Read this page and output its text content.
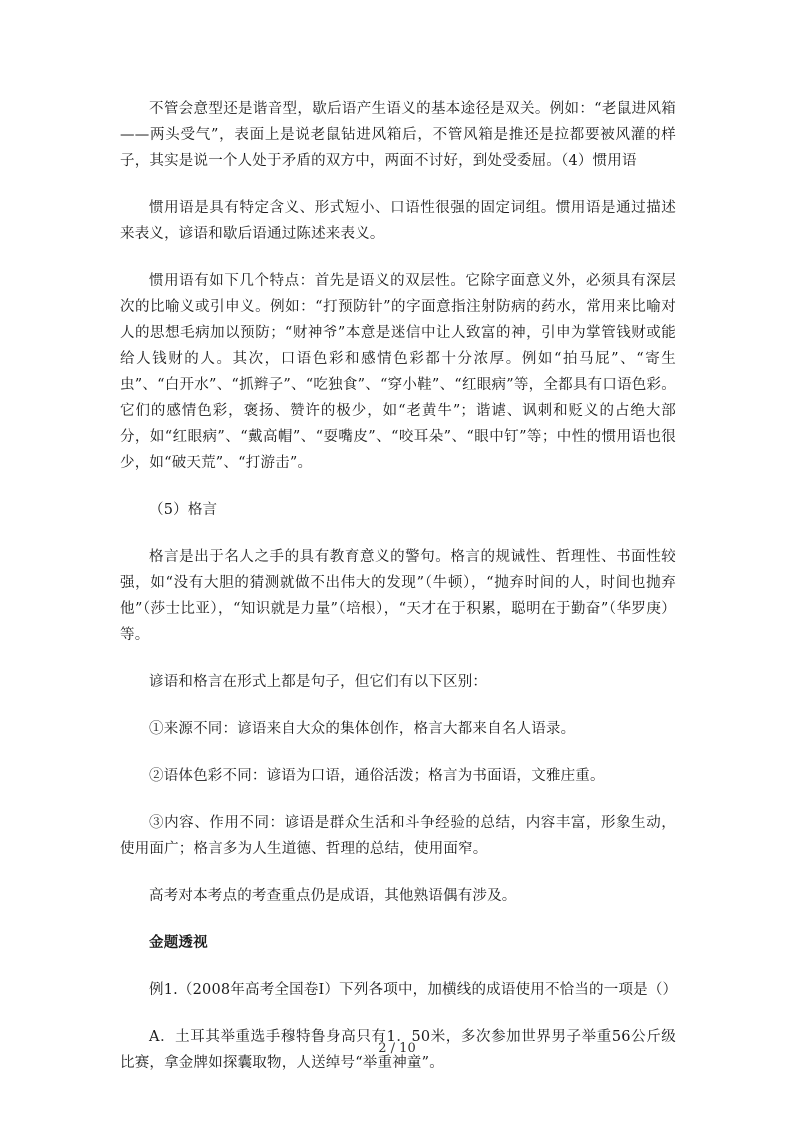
不管会意型还是谐音型，歇后语产生语义的基本途径是双关。例如：“老鼠进风箱——两头受气”，表面上是说老鼠钻进风箱后，不管风箱是推还是拉都要被风灌的样子，其实是说一个人处于矛盾的双方中，两面不讨好，到处受委屈。（4）惯用语

惯用语是具有特定含义、形式短小、口语性很强的固定词组。惯用语是通过描述来表义，谚语和歇后语通过陈述来表义。

惯用语有如下几个特点：首先是语义的双层性。它除字面意义外，必须具有深层次的比喻义或引申义。例如：“打预防针”的字面意指注射防病的药水，常用来比喻对人的思想毛病加以预防；“财神爷”本意是迷信中让人致富的神，引申为掌管钱财或能给人钱财的人。其次，口语色彩和感情色彩都十分浓厚。例如“拍马屁”、“寄生虫”、“白开水”、“抓辫子”、“吃独食”、“穿小鞋”、“红眼病”等，全都具有口语色彩。它们的感情色彩，褒扬、赞许的极少，如“老黄牛”；谐谑、讽刺和贬义的占绝大部分，如“红眼病”、“戴高帽”、“耍嘴皮”、“咬耳朵”、“眼中钉”等；中性的惯用语也很少，如“破天荒”、“打游击”。

（5）格言

格言是出于名人之手的具有教育意义的警句。格言的规诫性、哲理性、书面性较强，如“没有大胆的猜测就做不出伟大的发现”（牛顿），“抛弃时间的人，时间也抛弃他”（莎士比亚），“知识就是力量”（培根），“天才在于积累，聪明在于勤奋”（华罗庚）等。

谚语和格言在形式上都是句子，但它们有以下区别：

①来源不同：谚语来自大众的集体创作，格言大都来自名人语录。

②语体色彩不同：谚语为口语，通俗活泼；格言为书面语，文雅庄重。

③内容、作用不同：谚语是群众生活和斗争经验的总结，内容丰富，形象生动，使用面广；格言多为人生道德、哲理的总结，使用面窄。

高考对本考点的考查重点仍是成语，其他熟语偶有涉及。

金题透视

例1.（2008年高考全国卷Ⅰ）下列各项中，加横线的成语使用不恰当的一项是（）

A．土耳其举重选手穆特鲁身高只有1．50米，多次参加世界男子举重56公斤级比赛，拿金牌如探囊取物，人送绰号“举重神童”。

2 / 10
